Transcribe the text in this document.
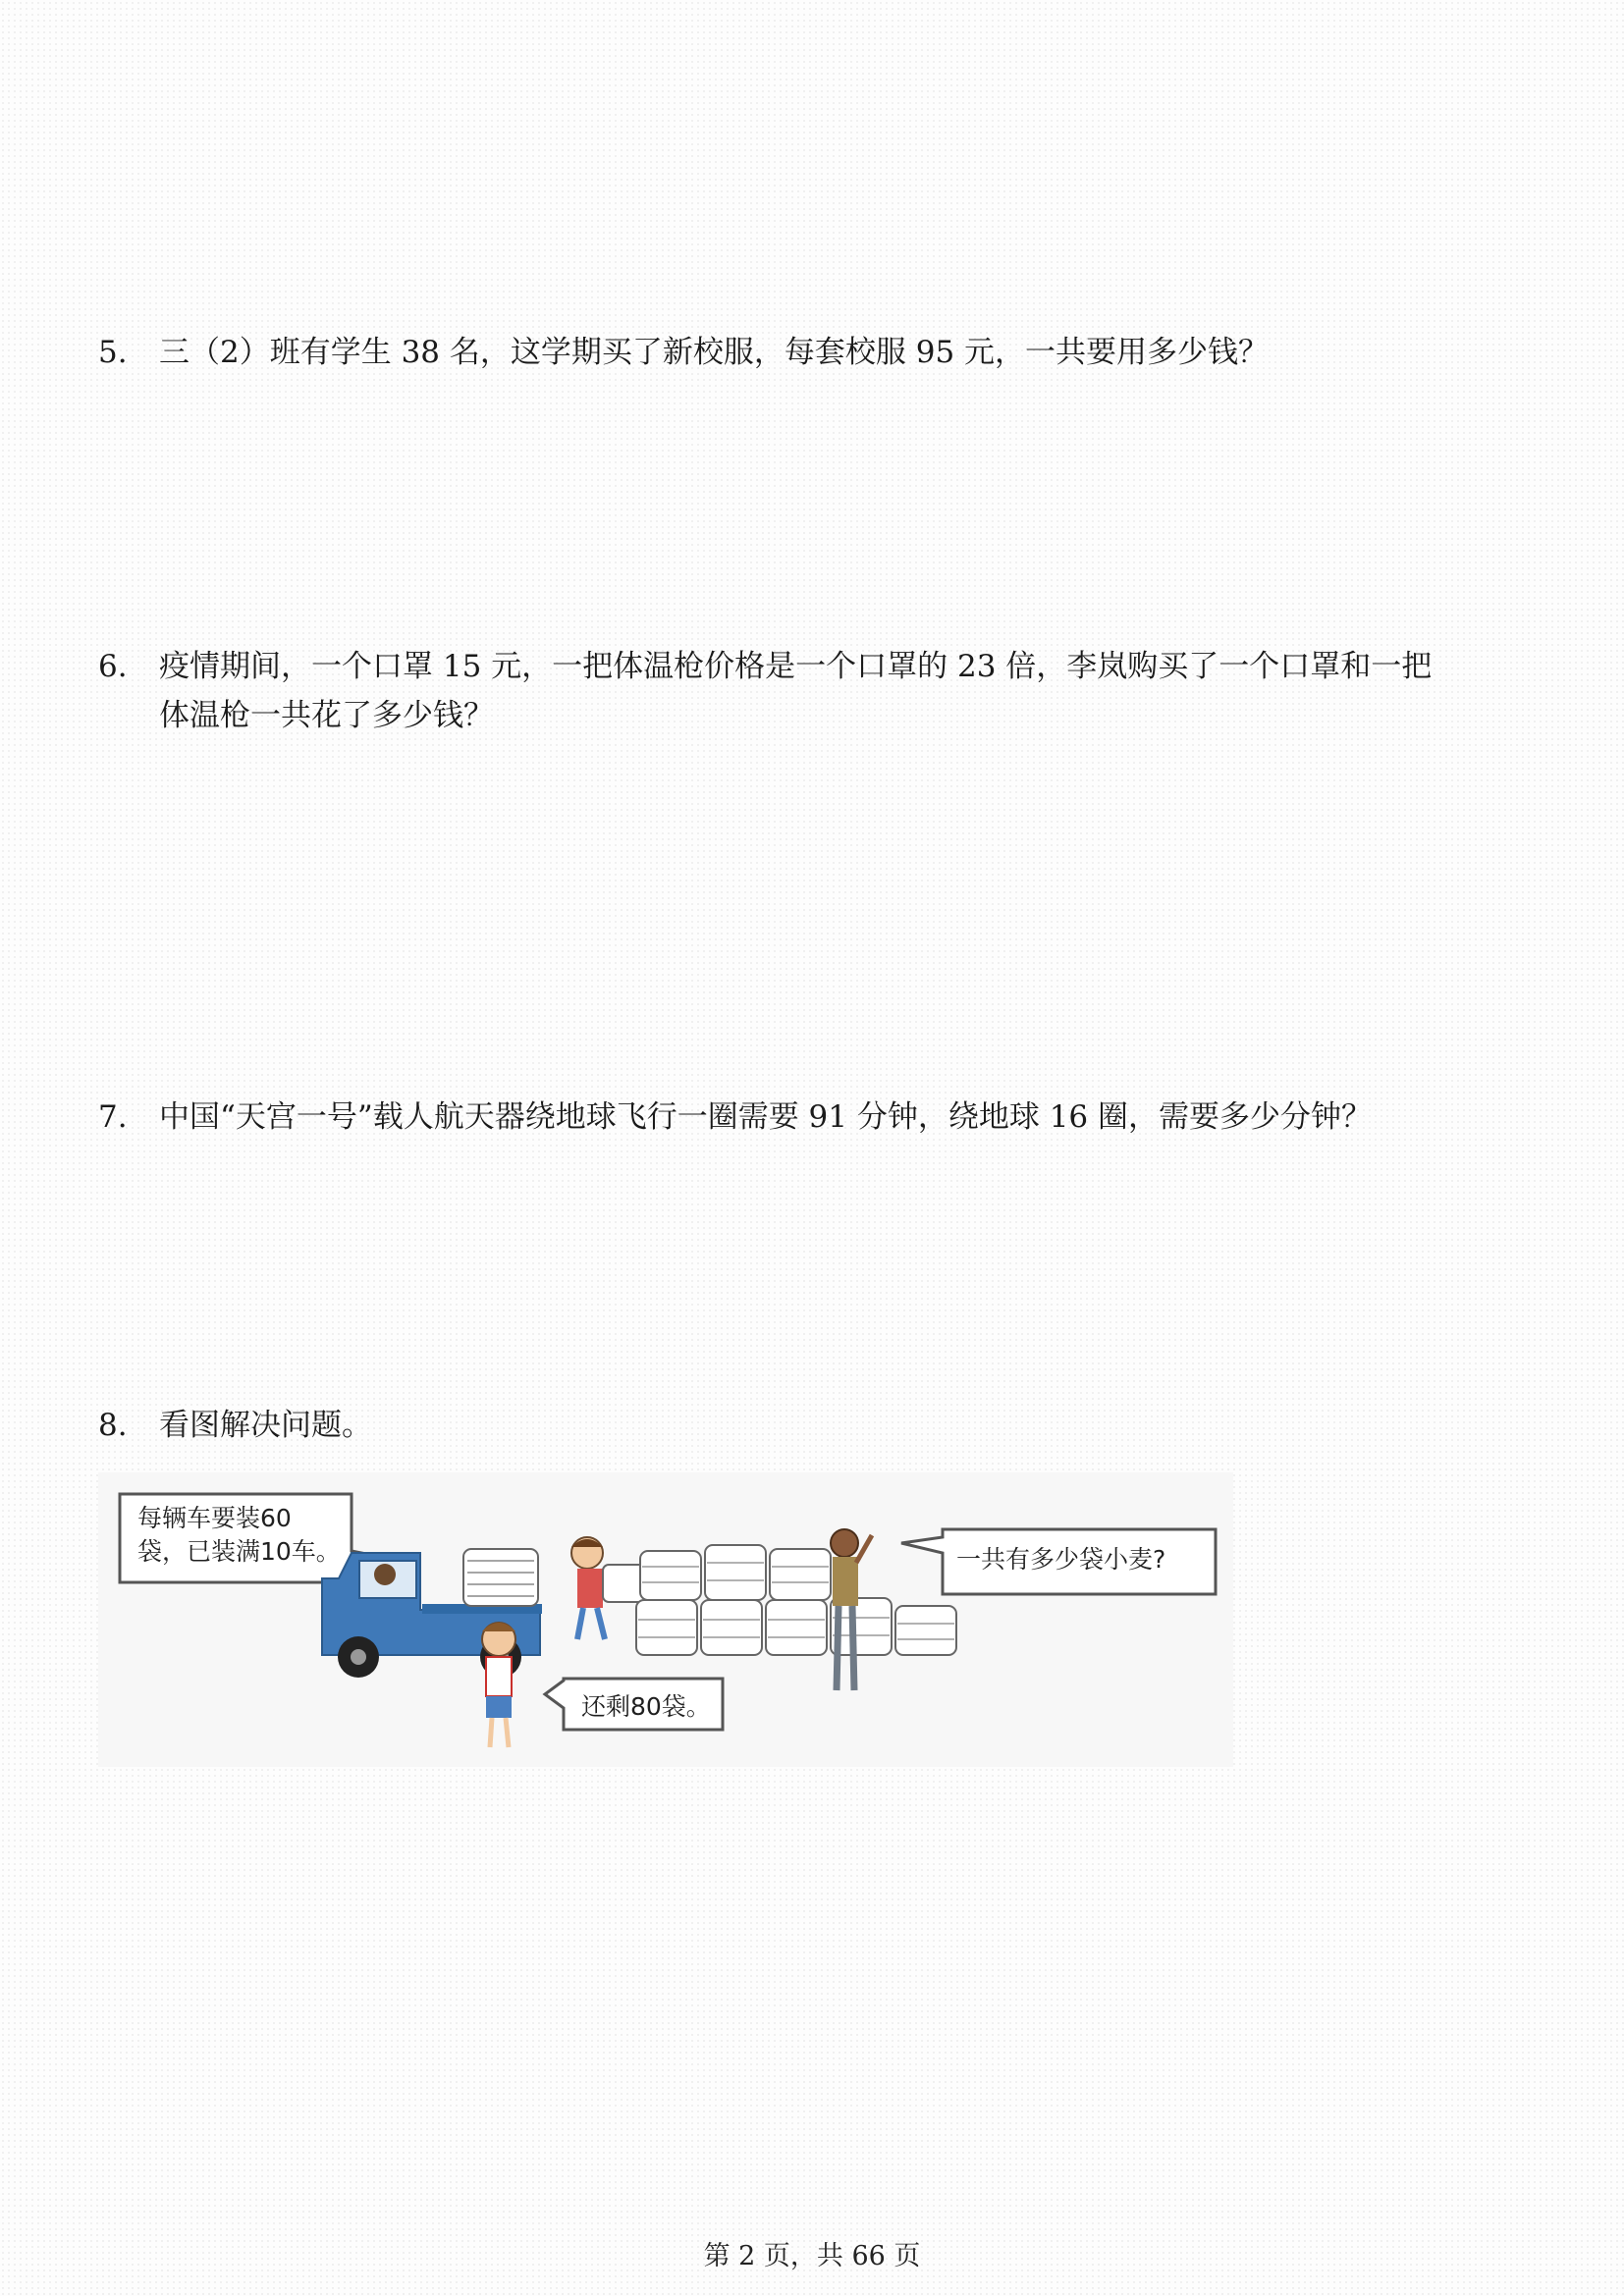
5. 三（2）班有学生 38 名，这学期买了新校服，每套校服 95 元，一共要用多少钱？
6. 疫情期间，一个口罩 15 元，一把体温枪价格是一个口罩的 23 倍，李岚购买了一个口罩和一把
体温枪一共花了多少钱？
7. 中国“天宫一号”载人航天器绕地球飞行一圈需要 91 分钟，绕地球 16 圈，需要多少分钟？
8. 看图解决问题。
每辆车要装60
袋，已装满10车。
还剩80袋。
一共有多少袋小麦?
第 2 页，共 66 页
